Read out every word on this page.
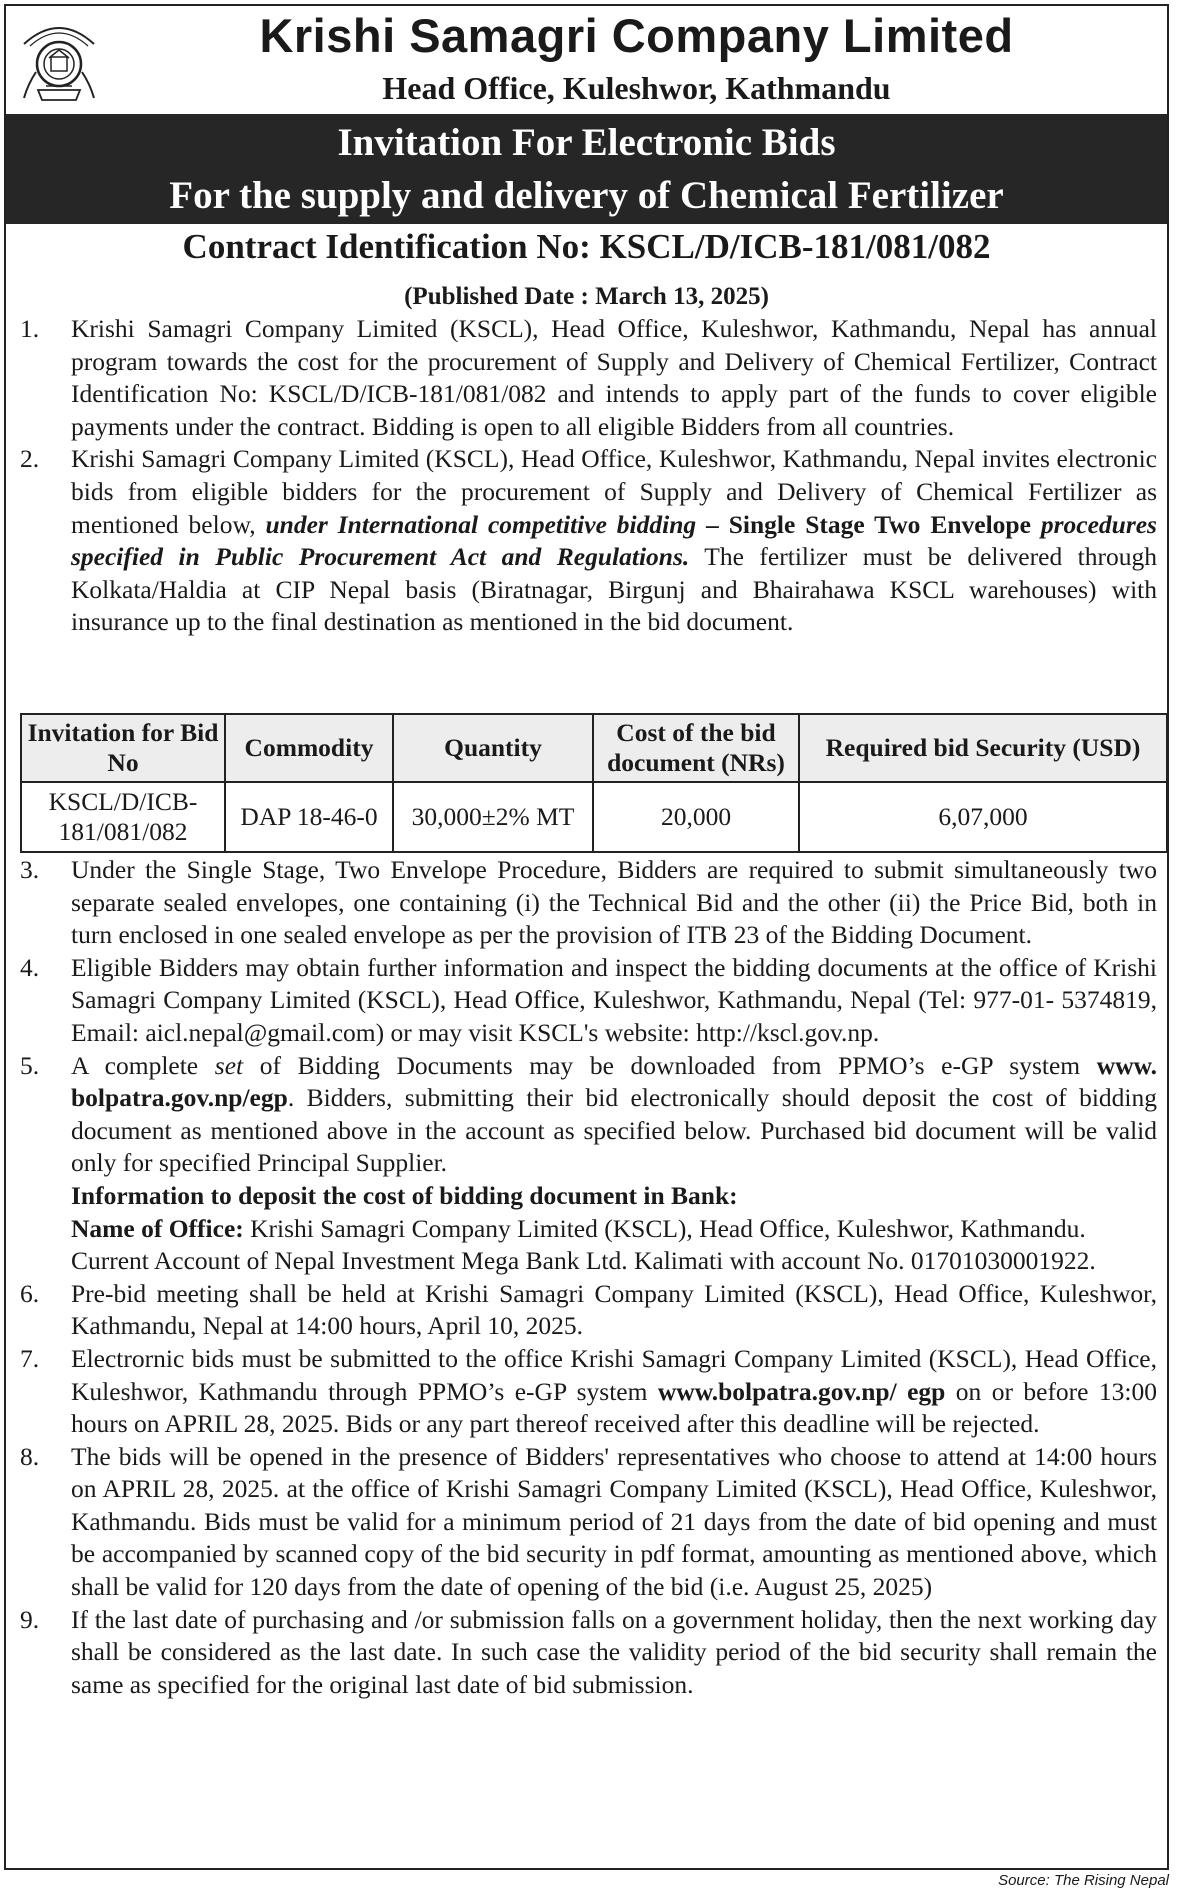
Krishi Samagri Company Limited
Head Office, Kuleshwor, Kathmandu
Invitation For Electronic Bids
For the supply and delivery of Chemical Fertilizer
Contract Identification No: KSCL/D/ICB-181/081/082
(Published Date : March 13, 2025)
1. Krishi Samagri Company Limited (KSCL), Head Office, Kuleshwor, Kathmandu, Nepal has annual program towards the cost for the procurement of Supply and Delivery of Chemical Fertilizer, Contract Identification No: KSCL/D/ICB-181/081/082 and intends to apply part of the funds to cover eligible payments under the contract. Bidding is open to all eligible Bidders from all countries.
2. Krishi Samagri Company Limited (KSCL), Head Office, Kuleshwor, Kathmandu, Nepal invites electronic bids from eligible bidders for the procurement of Supply and Delivery of Chemical Fertilizer as mentioned below, under International competitive bidding – Single Stage Two Envelope procedures specified in Public Procurement Act and Regulations. The fertilizer must be delivered through Kolkata/Haldia at CIP Nepal basis (Biratnagar, Birgunj and Bhairahawa KSCL warehouses) with insurance up to the final destination as mentioned in the bid document.
Invitation for Bid No	Commodity	Quantity	Cost of the bid document (NRs)	Required bid Security (USD)
KSCL/D/ICB-181/081/082	DAP 18-46-0	30,000±2% MT	20,000	6,07,000
3. Under the Single Stage, Two Envelope Procedure, Bidders are required to submit simultaneously two separate sealed envelopes, one containing (i) the Technical Bid and the other (ii) the Price Bid, both in turn enclosed in one sealed envelope as per the provision of ITB 23 of the Bidding Document.
4. Eligible Bidders may obtain further information and inspect the bidding documents at the office of Krishi Samagri Company Limited (KSCL), Head Office, Kuleshwor, Kathmandu, Nepal (Tel: 977-01- 5374819, Email: aicl.nepal@gmail.com) or may visit KSCL's website: http://kscl.gov.np.
5. A complete set of Bidding Documents may be downloaded from PPMO’s e-GP system www. bolpatra.gov.np/egp. Bidders, submitting their bid electronically should deposit the cost of bidding document as mentioned above in the account as specified below. Purchased bid document will be valid only for specified Principal Supplier.
Information to deposit the cost of bidding document in Bank:
Name of Office: Krishi Samagri Company Limited (KSCL), Head Office, Kuleshwor, Kathmandu.
Current Account of Nepal Investment Mega Bank Ltd. Kalimati with account No. 01701030001922.
6. Pre-bid meeting shall be held at Krishi Samagri Company Limited (KSCL), Head Office, Kuleshwor, Kathmandu, Nepal at 14:00 hours, April 10, 2025.
7. Electrornic bids must be submitted to the office Krishi Samagri Company Limited (KSCL), Head Office, Kuleshwor, Kathmandu through PPMO’s e-GP system www.bolpatra.gov.np/ egp on or before 13:00 hours on APRIL 28, 2025. Bids or any part thereof received after this deadline will be rejected.
8. The bids will be opened in the presence of Bidders' representatives who choose to attend at 14:00 hours on APRIL 28, 2025. at the office of Krishi Samagri Company Limited (KSCL), Head Office, Kuleshwor, Kathmandu. Bids must be valid for a minimum period of 21 days from the date of bid opening and must be accompanied by scanned copy of the bid security in pdf format, amounting as mentioned above, which shall be valid for 120 days from the date of opening of the bid (i.e. August 25, 2025)
9. If the last date of purchasing and /or submission falls on a government holiday, then the next working day shall be considered as the last date. In such case the validity period of the bid security shall remain the same as specified for the original last date of bid submission.
Source: The Rising Nepal
